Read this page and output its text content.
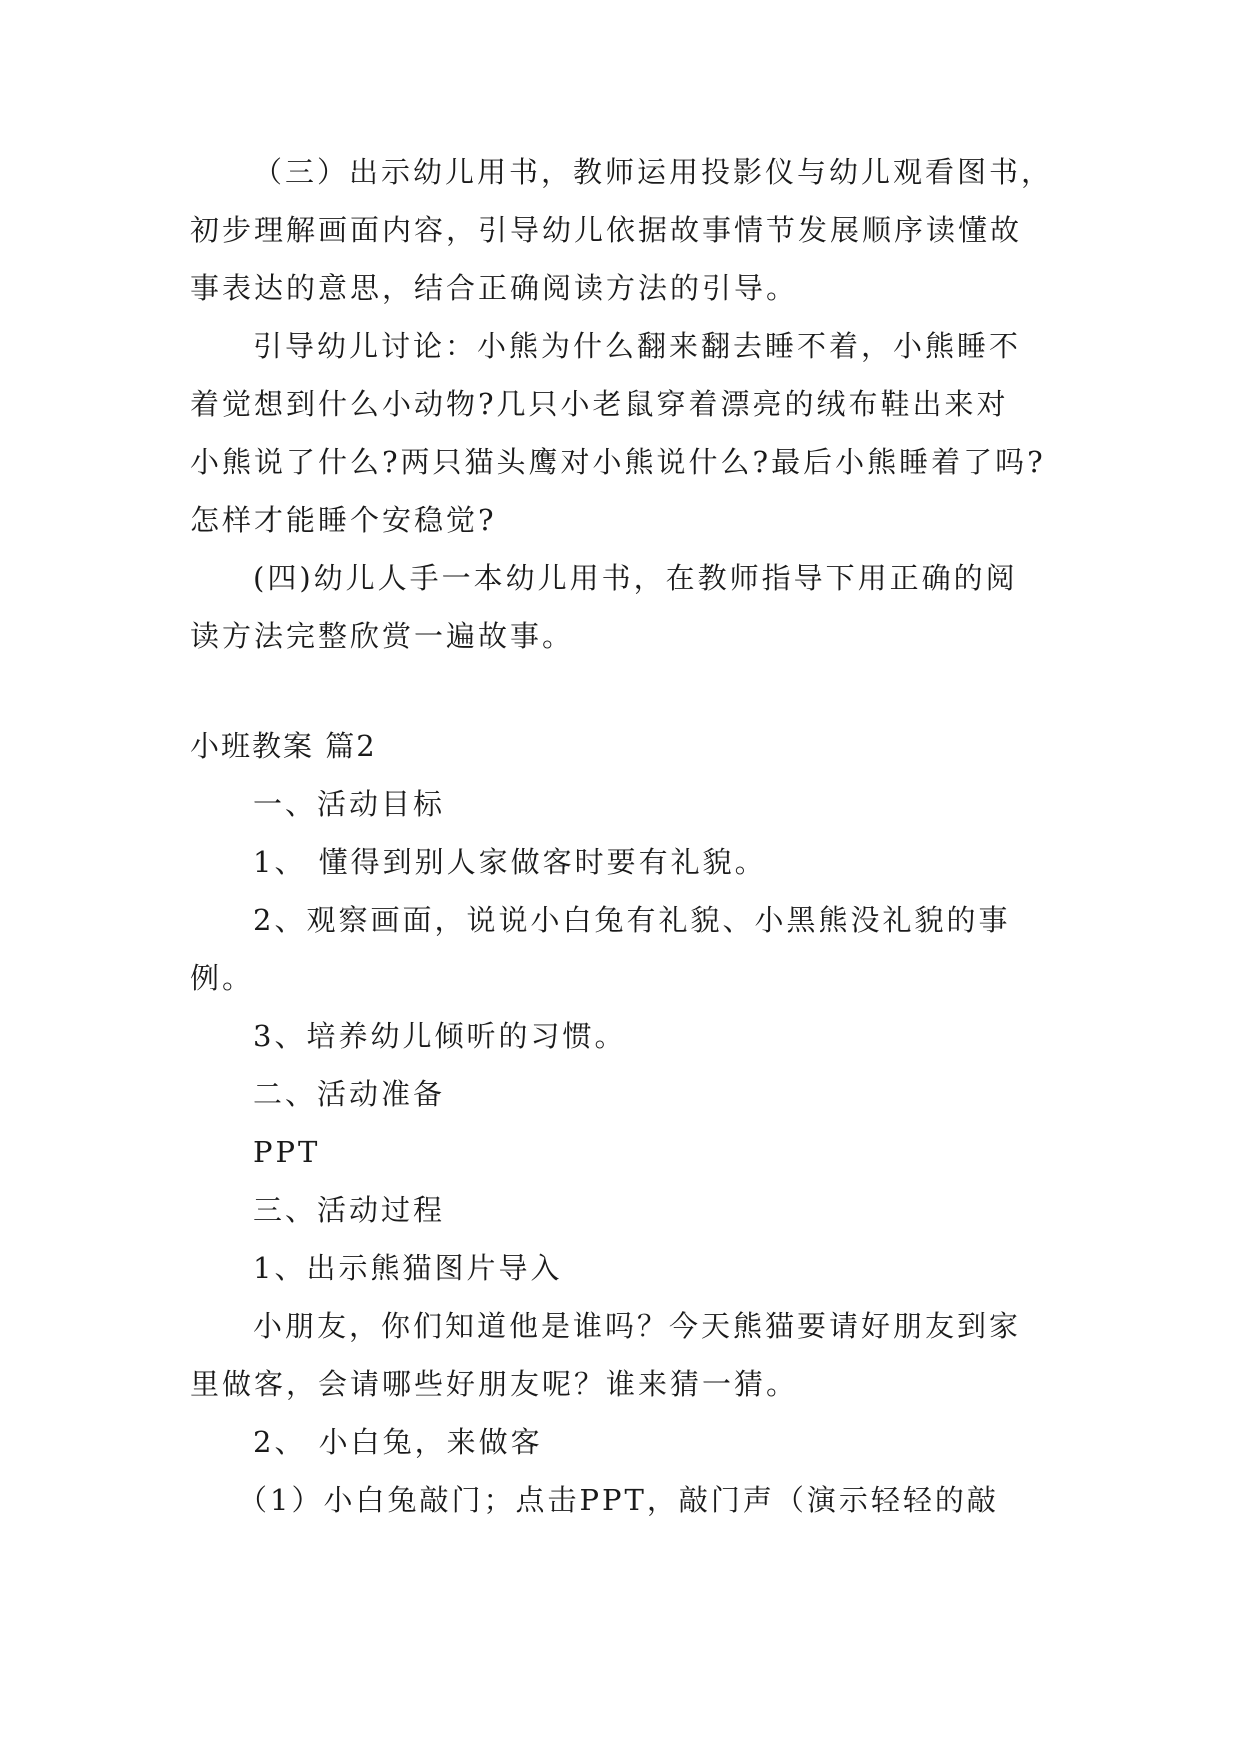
（三）出示幼儿用书，教师运用投影仪与幼儿观看图书，
初步理解画面内容，引导幼儿依据故事情节发展顺序读懂故
事表达的意思，结合正确阅读方法的引导。
引导幼儿讨论：小熊为什么翻来翻去睡不着，小熊睡不
着觉想到什么小动物?几只小老鼠穿着漂亮的绒布鞋出来对
小熊说了什么?两只猫头鹰对小熊说什么?最后小熊睡着了吗?
怎样才能睡个安稳觉?
(四)幼儿人手一本幼儿用书，在教师指导下用正确的阅
读方法完整欣赏一遍故事。
小班教案 篇2
一、活动目标
1、 懂得到别人家做客时要有礼貌。
2、观察画面，说说小白兔有礼貌、小黑熊没礼貌的事
例。
3、培养幼儿倾听的习惯。
二、活动准备
PPT
三、活动过程
1、出示熊猫图片导入
小朋友，你们知道他是谁吗？今天熊猫要请好朋友到家
里做客，会请哪些好朋友呢？谁来猜一猜。
2、 小白兔，来做客
（1）小白兔敲门；点击PPT，敲门声（演示轻轻的敲
